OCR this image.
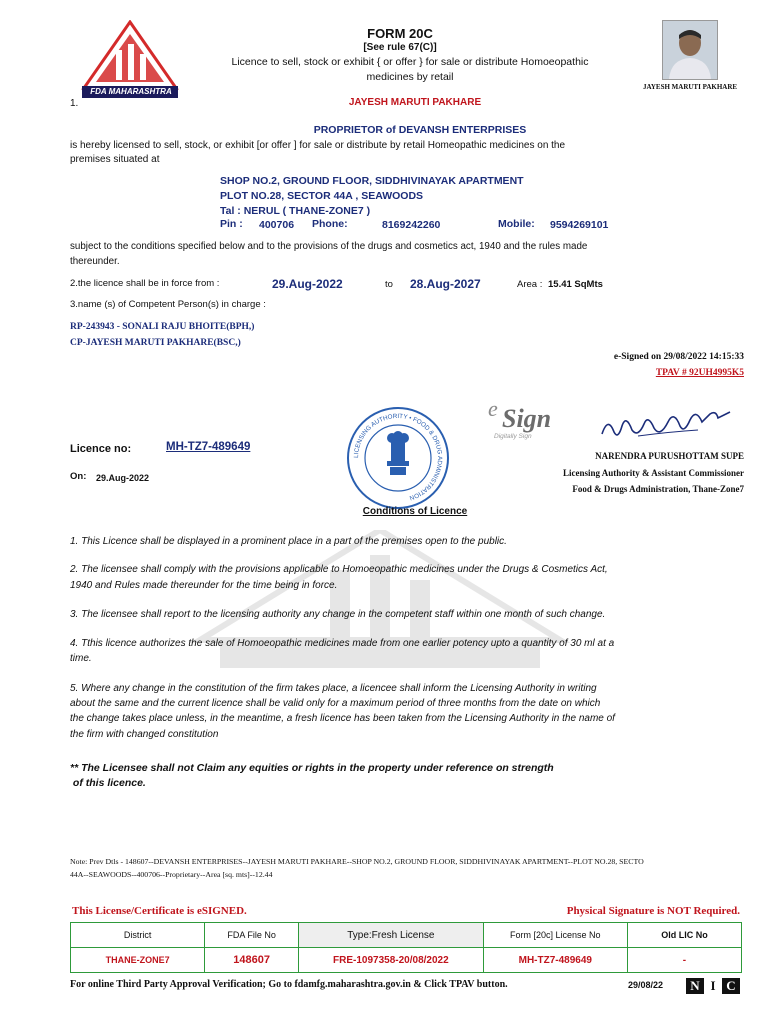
FDA MAHARASHTRA
FORM 20C
[See rule 67(C)]
Licence to sell, stock or exhibit { or offer } for sale or distribute Homoeopathic
medicines by retail
JAYESH MARUTI PAKHARE
1.	JAYESH MARUTI PAKHARE
PROPRIETOR of DEVANSH ENTERPRISES
is hereby licensed to sell, stock, or exhibit [or offer ] for sale or distribute by retail Homeopathic medicines on the
premises situated at
SHOP NO.2, GROUND FLOOR, SIDDHIVINAYAK APARTMENT
PLOT NO.28, SECTOR 44A , SEAWOODS
Tal : NERUL ( THANE-ZONE7 )
Pin : 400706 Phone:	8169242260	Mobile: 9594269101
subject to the conditions specified below and to the provisions of the drugs and cosmetics act, 1940 and the rules made
thereunder.
2.the licence shall be in force from :	29.Aug-2022	to 28.Aug-2027	Area : 15.41 SqMts
3.name (s) of Competent Person(s) in charge :
RP-243943 - SONALI RAJU BHOITE(BPH,)
CP-JAYESH MARUTI PAKHARE(BSC,)
e-Signed on 29/08/2022 14:15:33
TPAV # 92UH4995K5
LICENSING AUTHORITY • FOOD & DRUG ADMINISTRATION
e Sign
Digitally Sign
Licence no:	MH-TZ7-489649
On: 29.Aug-2022
NARENDRA PURUSHOTTAM SUPE
Licensing Authority & Assistant Commissioner
Food & Drugs Administration, Thane-Zone7
Conditions of Licence
1. This Licence shall be displayed in a prominent place in a part of the premises open to the public.
2. The licensee shall comply with the provisions applicable to Homoeopathic medicines under the Drugs & Cosmetics Act,
1940 and Rules made thereunder for the time being in force.
3. The licensee shall report to the licensing authority any change in the competent staff within one month of such change.
4. Tthis licence authorizes the sale of Homoeopathic medicines made from one earlier potency upto a quantity of 30 ml at a
time.
5. Where any change in the constitution of the firm takes place, a licencee shall inform the Licensing Authority in writing
about the same and the current licence shall be valid only for a maximum period of three months from the date on which
the change takes place unless, in the meantime, a fresh licence has been taken from the Licensing Authority in the name of
the firm with changed constitution
** The Licensee shall not Claim any equities or rights in the property under reference on strength
of this licence.
Note: Prev Dtls - 148607--DEVANSH ENTERPRISES--JAYESH MARUTI PAKHARE--SHOP NO.2, GROUND FLOOR, SIDDHIVINAYAK APARTMENT--PLOT NO.28, SECTO
44A--SEAWOODS--400706--Proprietary--Area [sq. mts]--12.44
This License/Certificate is eSIGNED.	Physical Signature is NOT Required.
District	FDA File No	Type:Fresh License	Form [20c] License No	Old LIC No
THANE-ZONE7	148607	FRE-1097358-20/08/2022	MH-TZ7-489649	-
For online Third Party Approval Verification; Go to fdamfg.maharashtra.gov.in & Click TPAV button.	29/08/22	N I C
